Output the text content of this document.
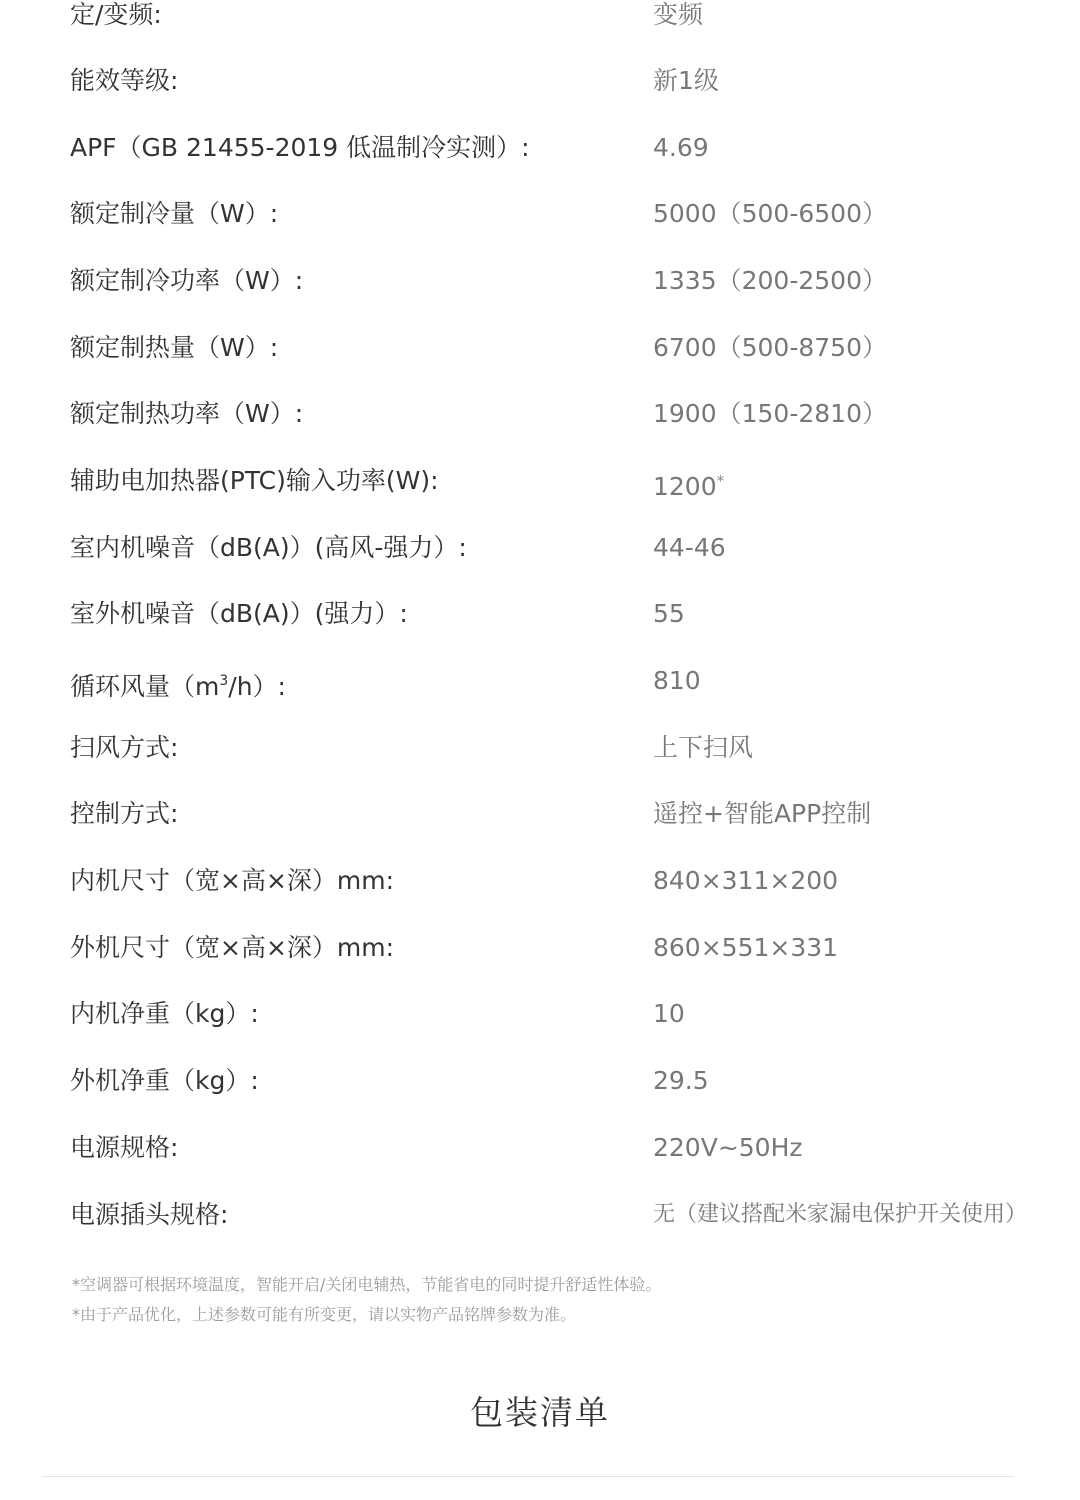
定/变频:	变频
能效等级:	新1级
APF（GB 21455-2019 低温制冷实测）:	4.69
额定制冷量（W）:	5000（500-6500）
额定制冷功率（W）:	1335（200-2500）
额定制热量（W）:	6700（500-8750）
额定制热功率（W）:	1900（150-2810）
辅助电加热器(PTC)输入功率(W):	1200*
室内机噪音（dB(A)）(高风-强力）:	44-46
室外机噪音（dB(A)）(强力）:	55
循环风量$(m^3/h)$:	810
扫风方式:	上下扫风
控制方式:	遥控+智能APP控制
内机尺寸（宽×高×深）mm:	840×311×200
外机尺寸（宽×高×深）mm:	860×551×331
内机净重（kg）:	10
外机净重（kg）:	29.5
电源规格:	220V~50Hz
电源插头规格:	无（建议搭配米家漏电保护开关使用）
*空调器可根据环境温度，智能开启/关闭电辅热，节能省电的同时提升舒适性体验。
*由于产品优化，上述参数可能有所变更，请以实物产品铭牌参数为准。
包装清单
